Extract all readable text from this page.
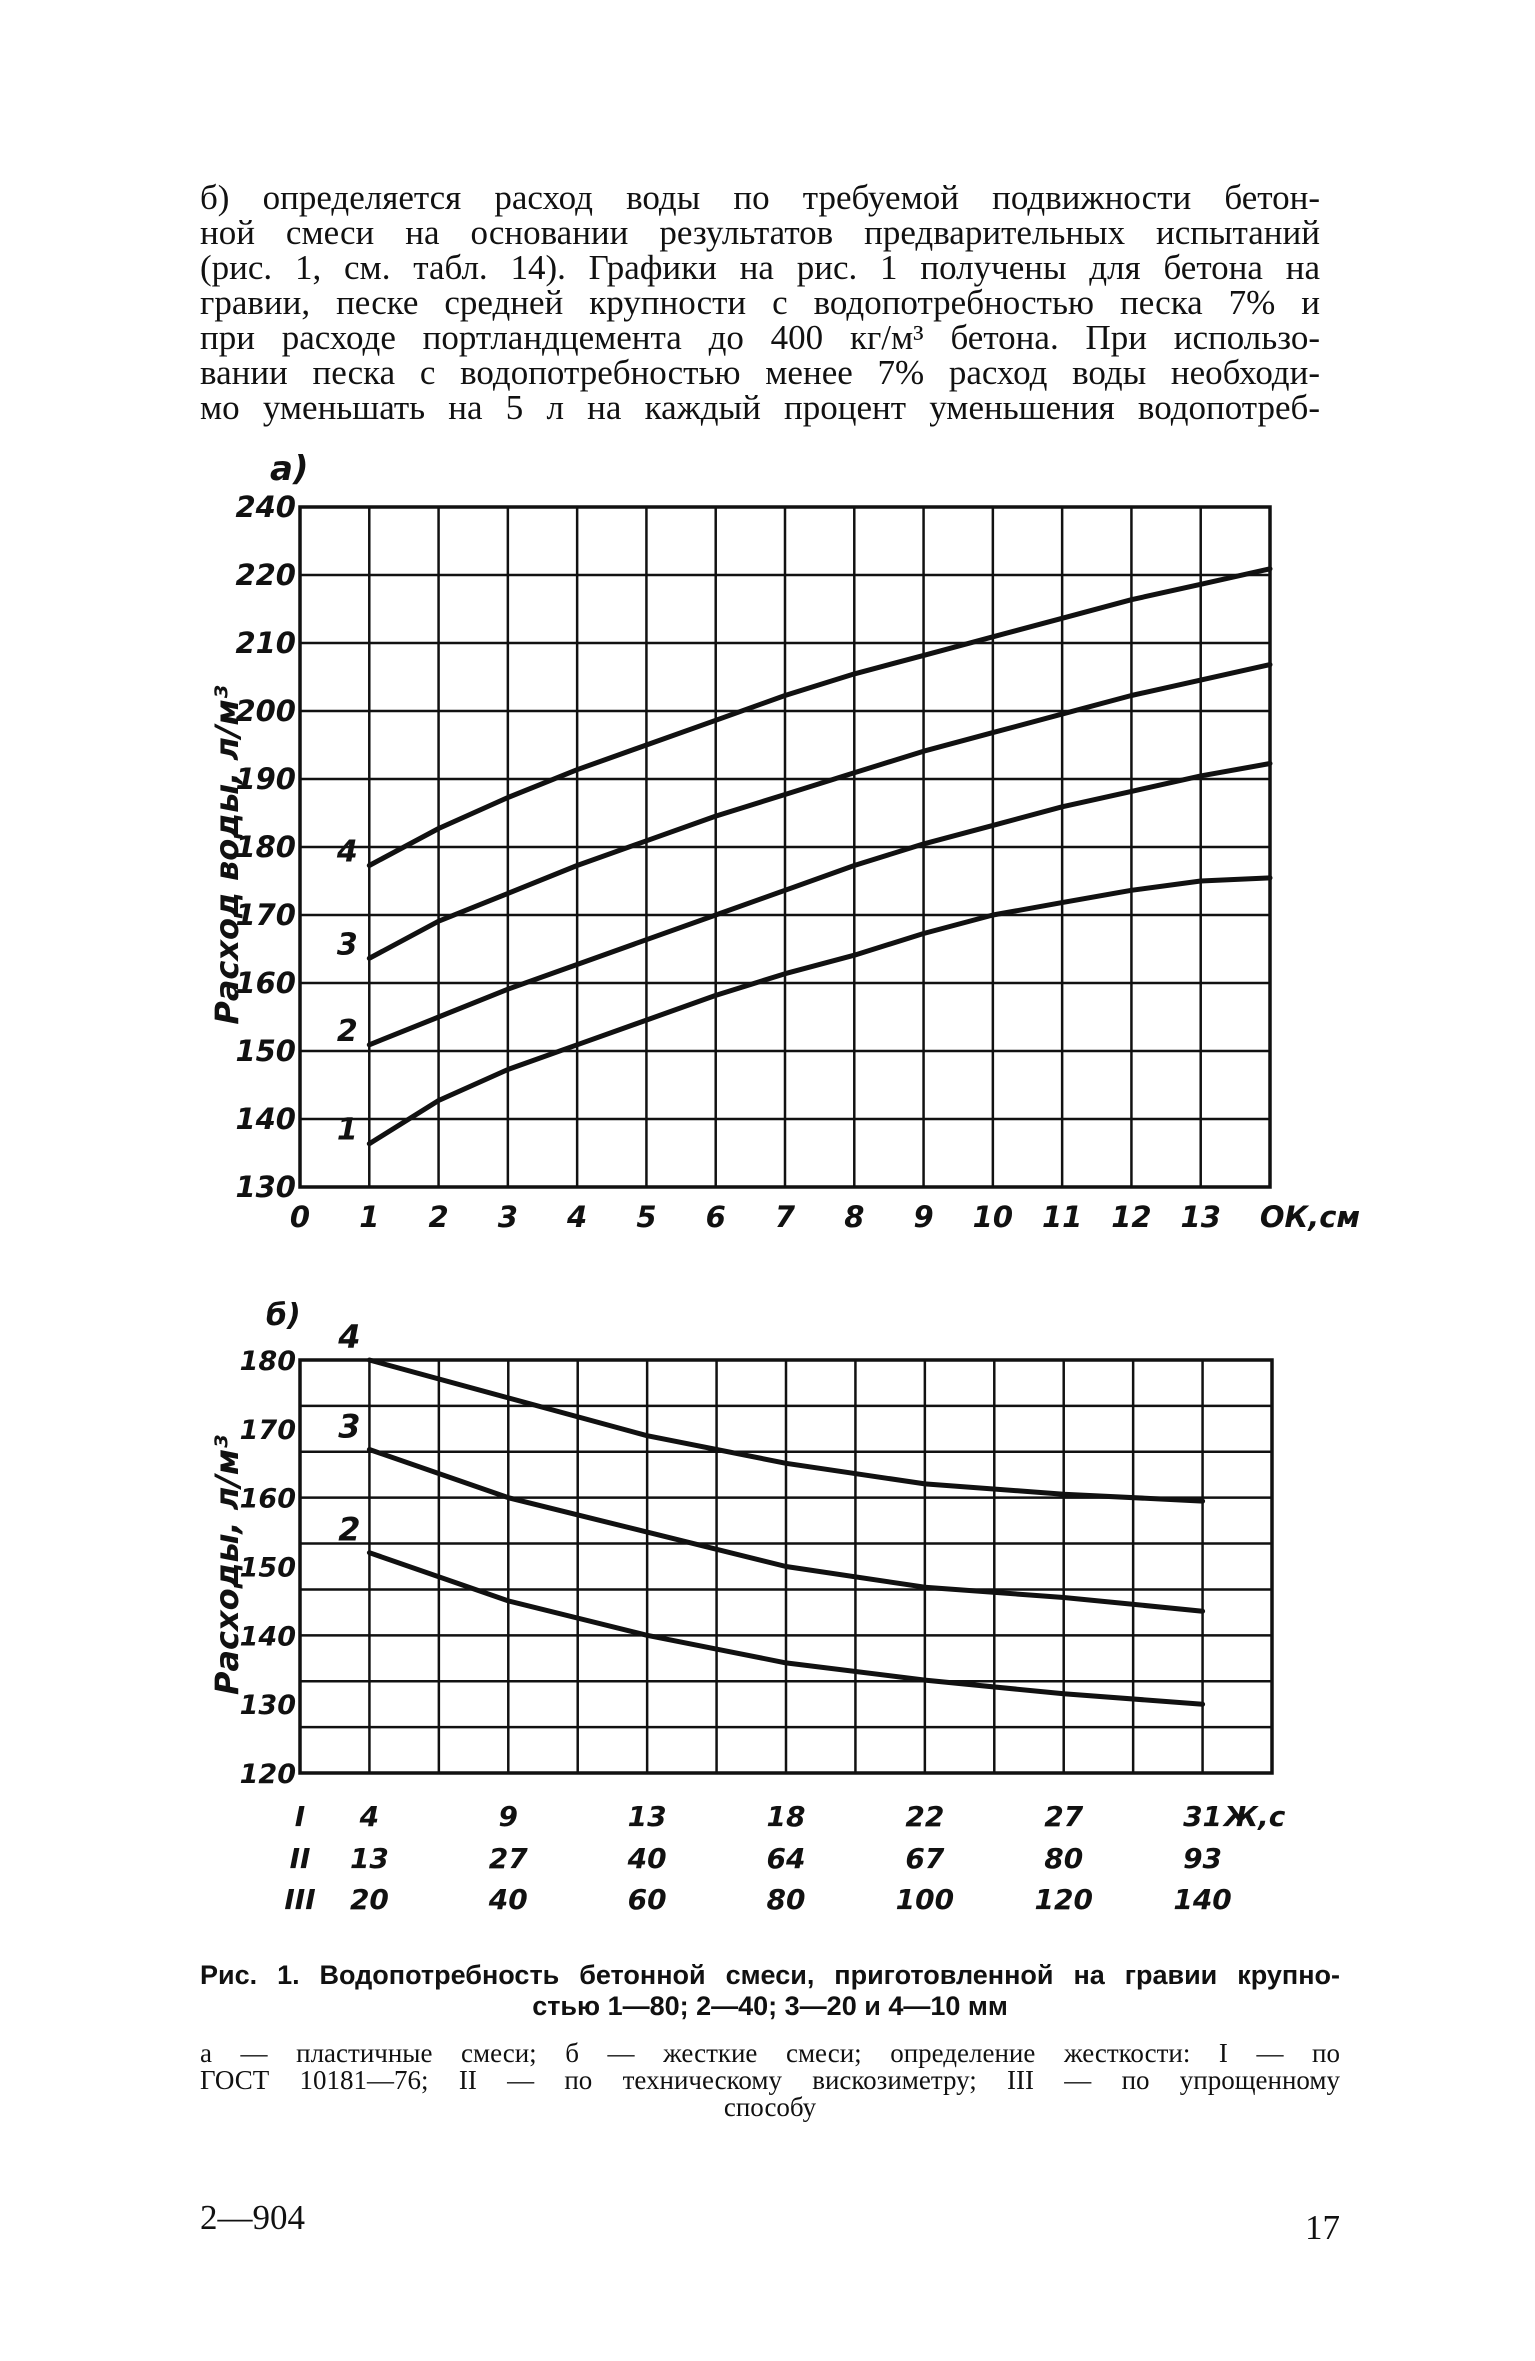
б) определяется расход воды по требуемой подвижности бетон-
ной смеси на основании результатов предварительных испытаний
(рис. 1, см. табл. 14). Графики на рис. 1 получены для бетона на
гравии, песке средней крупности с водопотребностью песка 7% и
при расходе портландцемента до 400 кг/м³ бетона. При использо-
вании песка с водопотребностью менее 7% расход воды необходи-
мо уменьшать на 5 л на каждый процент уменьшения водопотреб-
а)
Расход воды, л/м³
130
140
150
160
170
180
190
200
210
220
240
0 1 2 3 4 5 6 7 8 9 10 11 12 13 ОК,см
1
2
3
4
б)
Расходы, л/м³
120
130
140
150
160
170
180
I 4	9	13	18	22	27	31
II 13	27	40	64	67	80	93
III 20	40	60	80	100	120	140
Ж,с
2
3
4
Рис. 1. Водопотребность бетонной смеси, приготовленной на гравии крупно-
стью 1—80; 2—40; 3—20 и 4—10 мм
а — пластичные смеси; б — жесткие смеси; определение жесткости: I — по
ГОСТ 10181—76; II — по техническому вискозиметру; III — по упрощенному
способу
2—904	17
